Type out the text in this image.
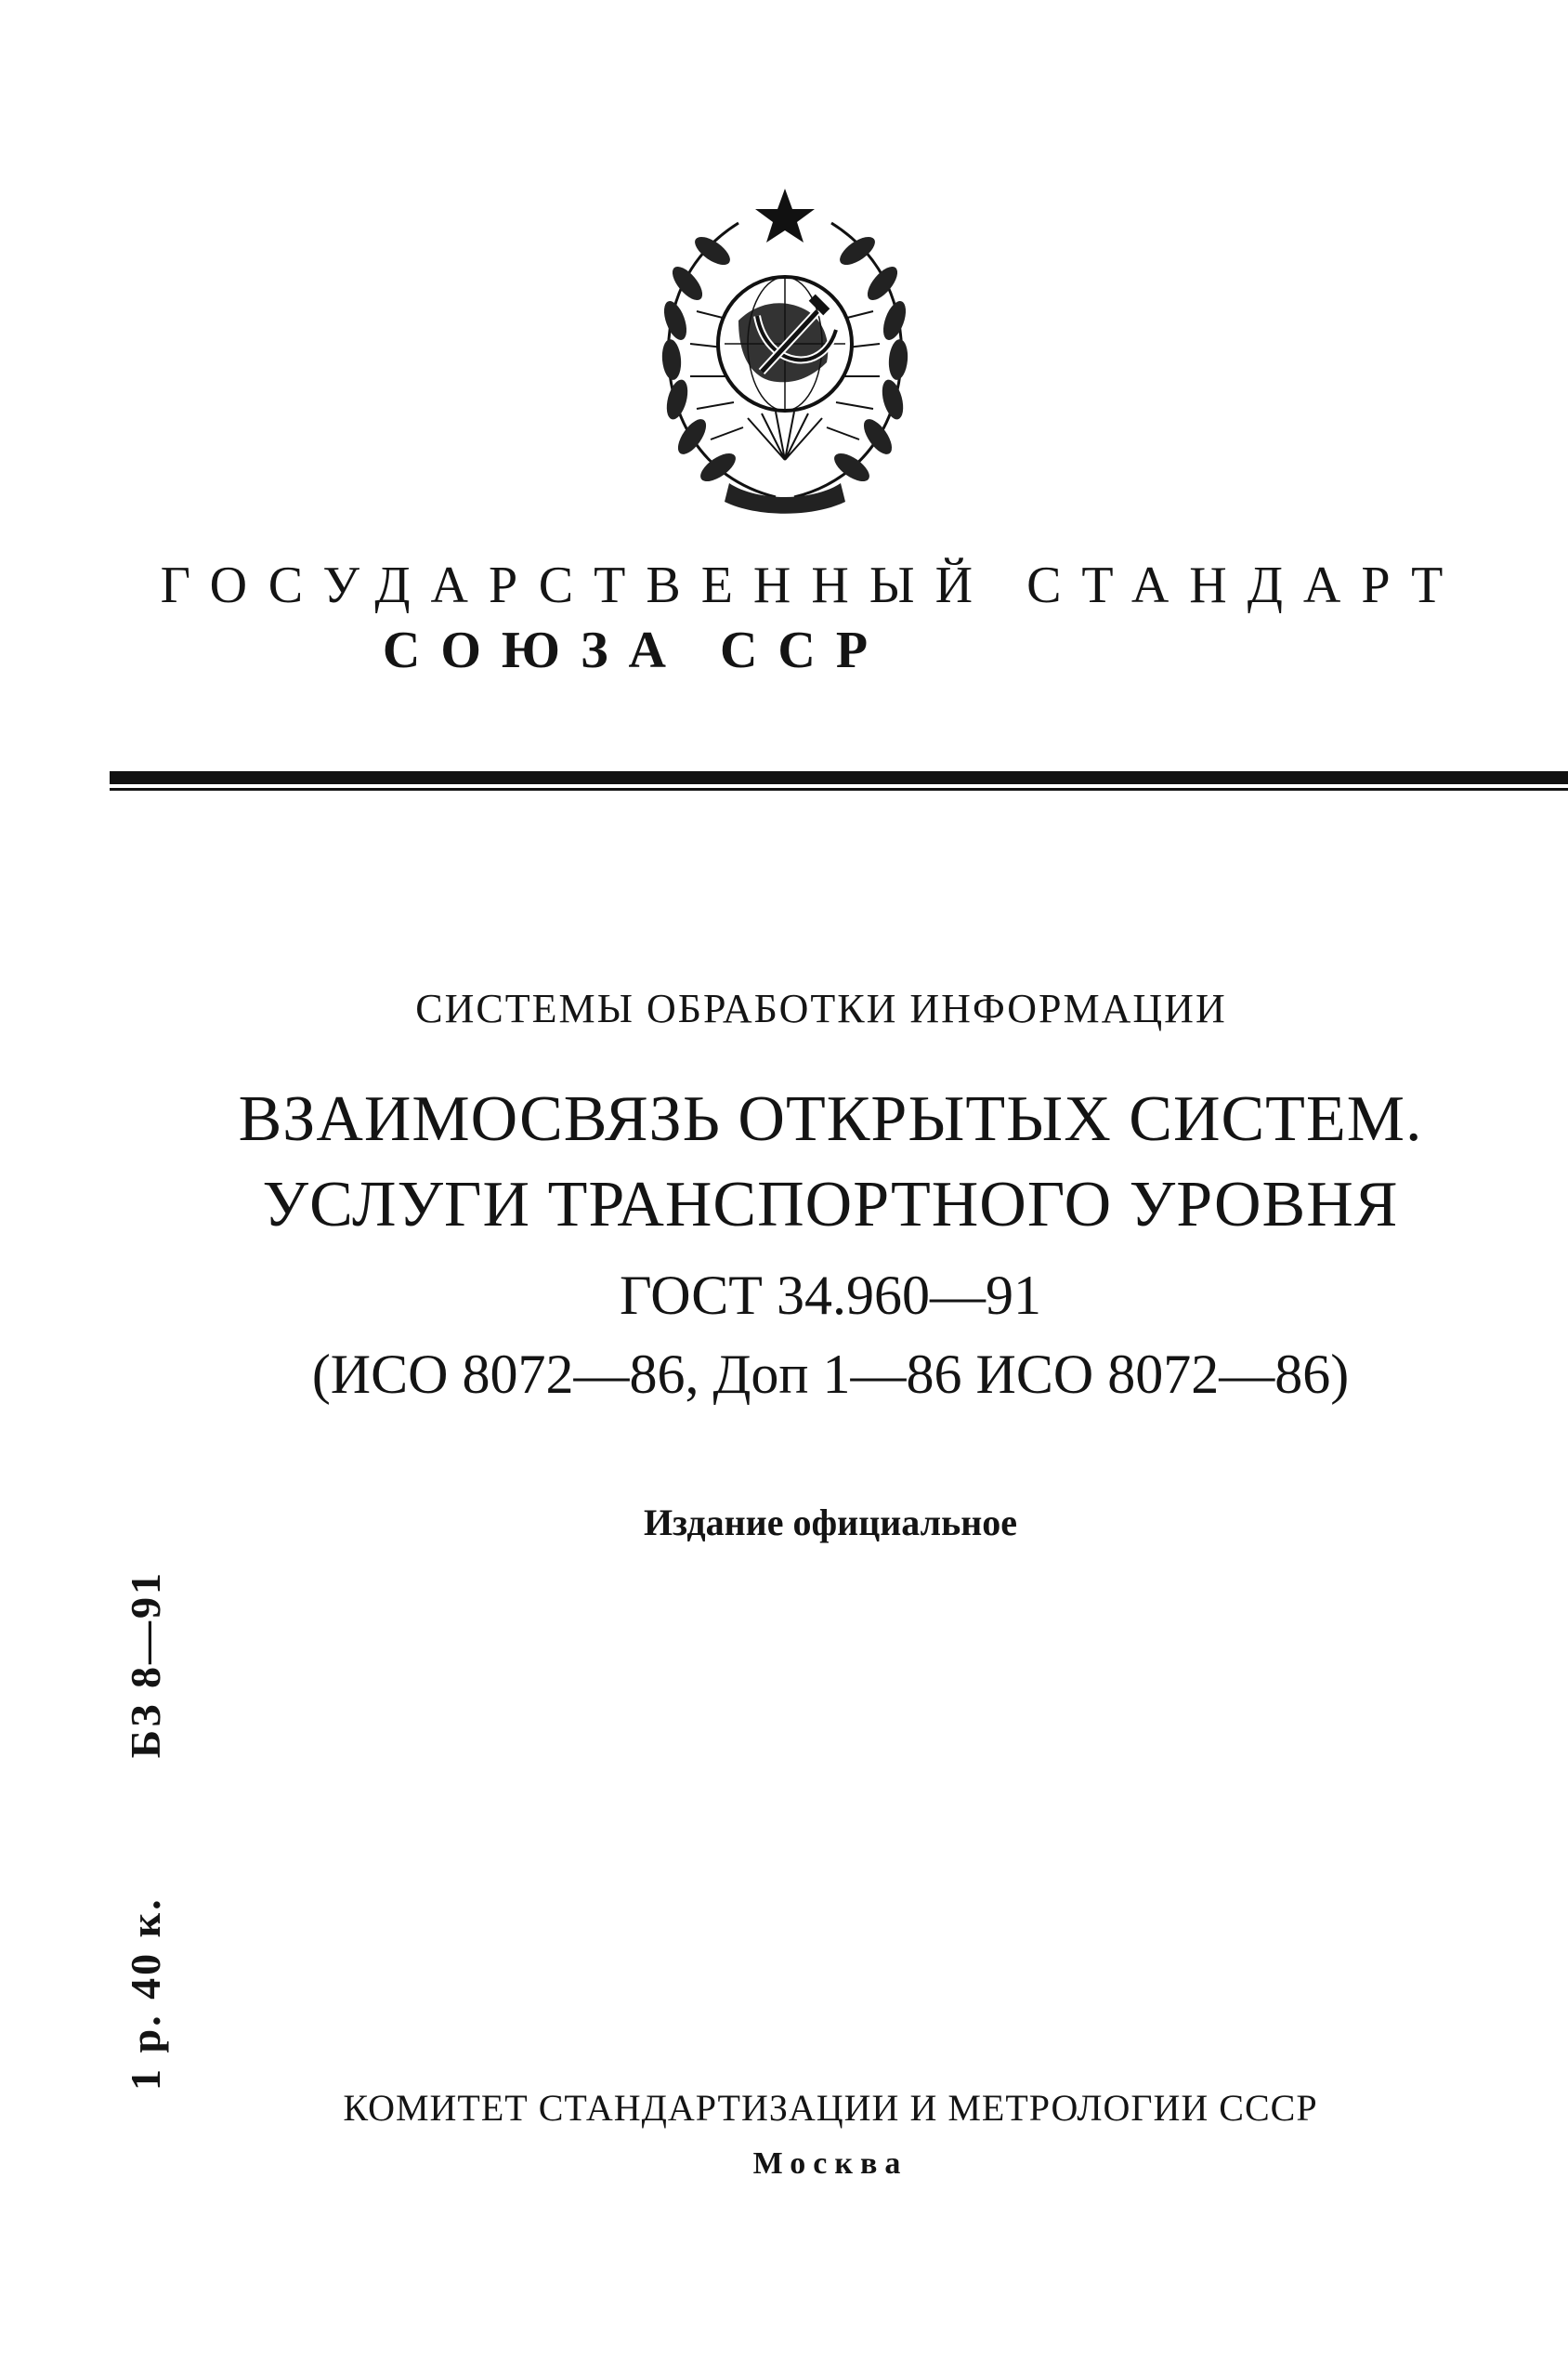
ГОСУДАРСТВЕННЫЙ СТАНДАРТ
СОЮЗА ССР
СИСТЕМЫ ОБРАБОТКИ ИНФОРМАЦИИ
ВЗАИМОСВЯЗЬ ОТКРЫТЫХ СИСТЕМ.
УСЛУГИ ТРАНСПОРТНОГО УРОВНЯ
ГОСТ 34.960—91
(ИСО 8072—86, Доп 1—86 ИСО 8072—86)
Издание официальное
1 р. 40 к.
БЗ 8—91
КОМИТЕТ СТАНДАРТИЗАЦИИ И МЕТРОЛОГИИ СССР
Москва
